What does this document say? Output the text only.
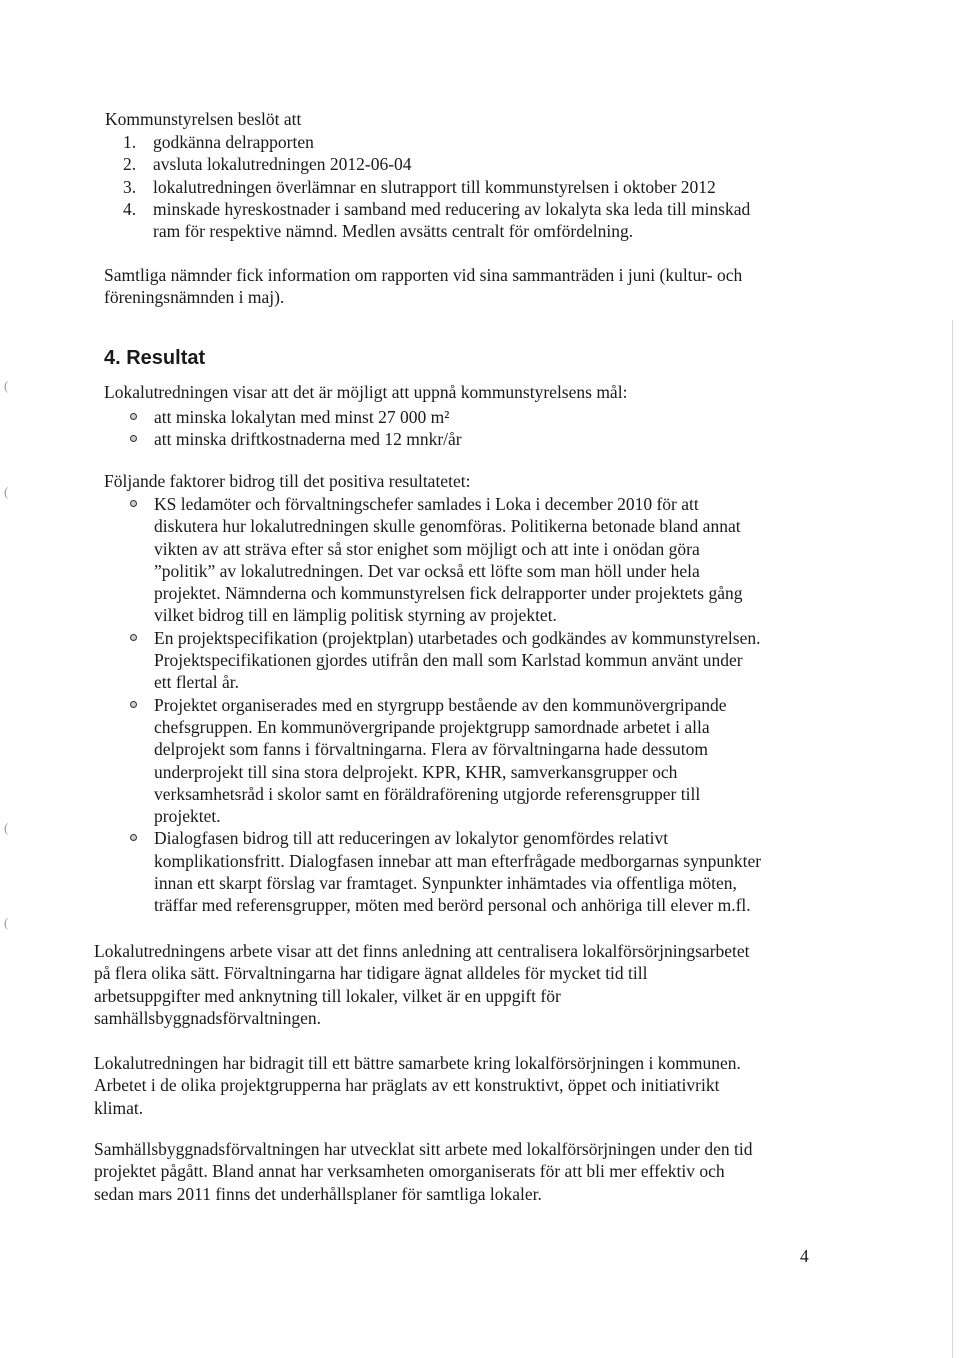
(
(
(
(
Kommunstyrelsen beslöt att
1. godkänna delrapporten
2. avsluta lokalutredningen 2012-06-04
3. lokalutredningen överlämnar en slutrapport till kommunstyrelsen i oktober 2012
4. minskade hyreskostnader i samband med reducering av lokalyta ska leda till minskad
ram för respektive nämnd. Medlen avsätts centralt för omfördelning.
Samtliga nämnder fick information om rapporten vid sina sammanträden i juni (kultur- och
föreningsnämnden i maj).
4. Resultat
Lokalutredningen visar att det är möjligt att uppnå kommunstyrelsens mål:
att minska lokalytan med minst 27 000 m²
att minska driftkostnaderna med 12 mnkr/år
Följande faktorer bidrog till det positiva resultatetet:
KS ledamöter och förvaltningschefer samlades i Loka i december 2010 för att
diskutera hur lokalutredningen skulle genomföras. Politikerna betonade bland annat
vikten av att sträva efter så stor enighet som möjligt och att inte i onödan göra
”politik” av lokalutredningen. Det var också ett löfte som man höll under hela
projektet. Nämnderna och kommunstyrelsen fick delrapporter under projektets gång
vilket bidrog till en lämplig politisk styrning av projektet.
En projektspecifikation (projektplan) utarbetades och godkändes av kommunstyrelsen.
Projektspecifikationen gjordes utifrån den mall som Karlstad kommun använt under
ett flertal år.
Projektet organiserades med en styrgrupp bestående av den kommunövergripande
chefsgruppen. En kommunövergripande projektgrupp samordnade arbetet i alla
delprojekt som fanns i förvaltningarna. Flera av förvaltningarna hade dessutom
underprojekt till sina stora delprojekt. KPR, KHR, samverkansgrupper och
verksamhetsråd i skolor samt en föräldraförening utgjorde referensgrupper till
projektet.
Dialogfasen bidrog till att reduceringen av lokalytor genomfördes relativt
komplikationsfritt. Dialogfasen innebar att man efterfrågade medborgarnas synpunkter
innan ett skarpt förslag var framtaget. Synpunkter inhämtades via offentliga möten,
träffar med referensgrupper, möten med berörd personal och anhöriga till elever m.fl.
Lokalutredningens arbete visar att det finns anledning att centralisera lokalförsörjningsarbetet
på flera olika sätt. Förvaltningarna har tidigare ägnat alldeles för mycket tid till
arbetsuppgifter med anknytning till lokaler, vilket är en uppgift för
samhällsbyggnadsförvaltningen.
Lokalutredningen har bidragit till ett bättre samarbete kring lokalförsörjningen i kommunen.
Arbetet i de olika projektgrupperna har präglats av ett konstruktivt, öppet och initiativrikt
klimat.
Samhällsbyggnadsförvaltningen har utvecklat sitt arbete med lokalförsörjningen under den tid
projektet pågått. Bland annat har verksamheten omorganiserats för att bli mer effektiv och
sedan mars 2011 finns det underhållsplaner för samtliga lokaler.
4
